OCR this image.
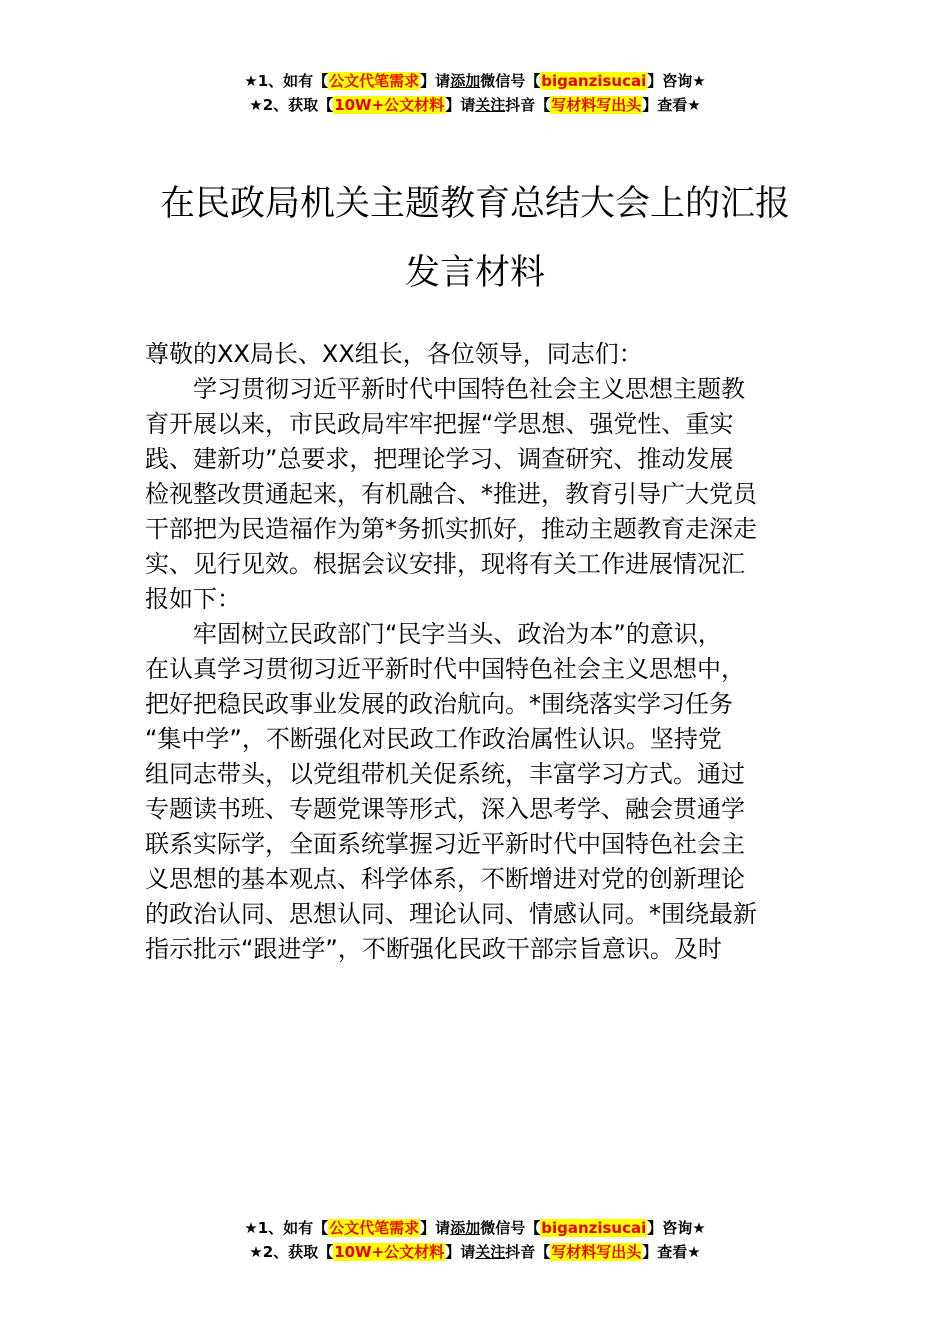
★1、如有【公文代笔需求】请添加微信号【biganzisucai】咨询★
★2、获取【10W+公文材料】请关注抖音【写材料写出头】查看★
在民政局机关主题教育总结大会上的汇报
发言材料

尊敬的XX局长、XX组长，各位领导，同志们：

学习贯彻习近平新时代中国特色社会主义思想主题教
育开展以来，市民政局牢牢把握“学思想、强党性、重实
践、建新功”总要求，把理论学习、调查研究、推动发展
检视整改贯通起来，有机融合、*推进，教育引导广大党员
干部把为民造福作为第*务抓实抓好，推动主题教育走深走
实、见行见效。根据会议安排，现将有关工作进展情况汇
报如下：
牢固树立民政部门“民字当头、政治为本”的意识，
在认真学习贯彻习近平新时代中国特色社会主义思想中，
把好把稳民政事业发展的政治航向。*围绕落实学习任务
“集中学”，不断强化对民政工作政治属性认识。坚持党
组同志带头，以党组带机关促系统，丰富学习方式。通过
专题读书班、专题党课等形式，深入思考学、融会贯通学
联系实际学，全面系统掌握习近平新时代中国特色社会主
义思想的基本观点、科学体系，不断增进对党的创新理论
的政治认同、思想认同、理论认同、情感认同。*围绕最新
指示批示“跟进学”，不断强化民政干部宗旨意识。及时
★1、如有【公文代笔需求】请添加微信号【biganzisucai】咨询★
★2、获取【10W+公文材料】请关注抖音【写材料写出头】查看★
